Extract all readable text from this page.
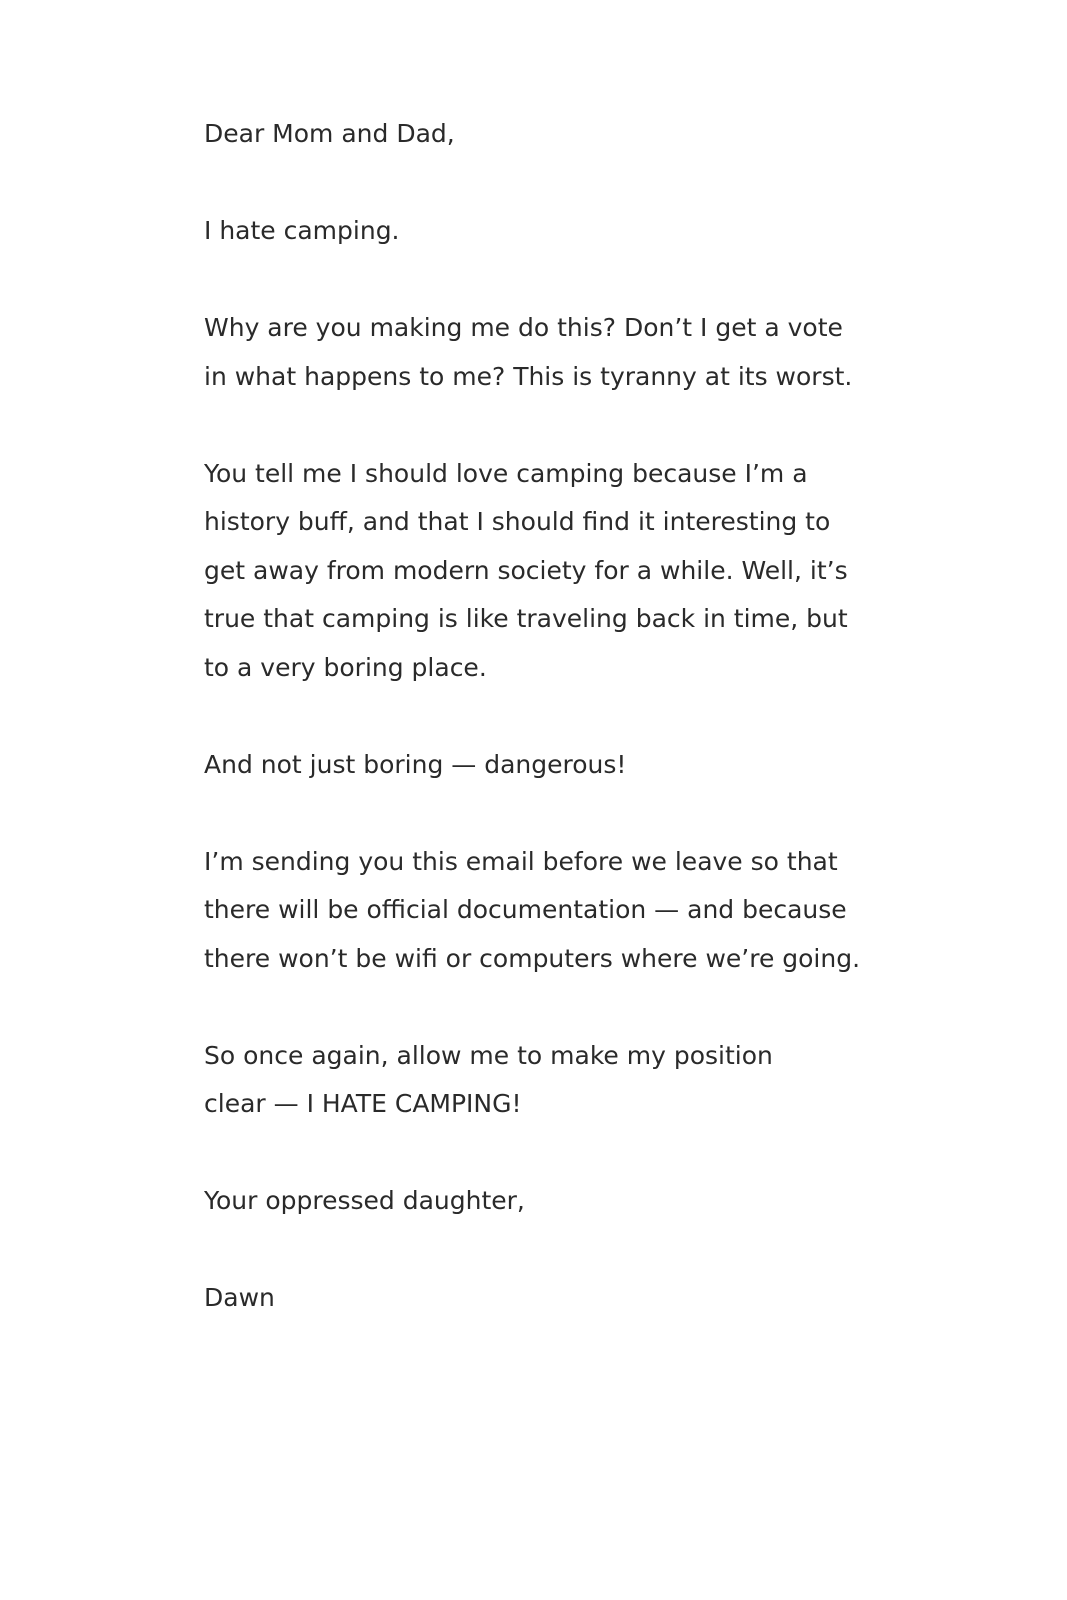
Dear Mom and Dad,
I hate camping.
Why are you making me do this? Don’t I get a vote
in what happens to me? This is tyranny at its worst.
You tell me I should love camping because I’m a
history buff, and that I should find it interesting to
get away from modern society for a while. Well, it’s
true that camping is like traveling back in time, but
to a very boring place.
And not just boring — dangerous!
I’m sending you this email before we leave so that
there will be official documentation — and because
there won’t be wifi or computers where we’re going.
So once again, allow me to make my position
clear — I HATE CAMPING!
Your oppressed daughter,
Dawn
